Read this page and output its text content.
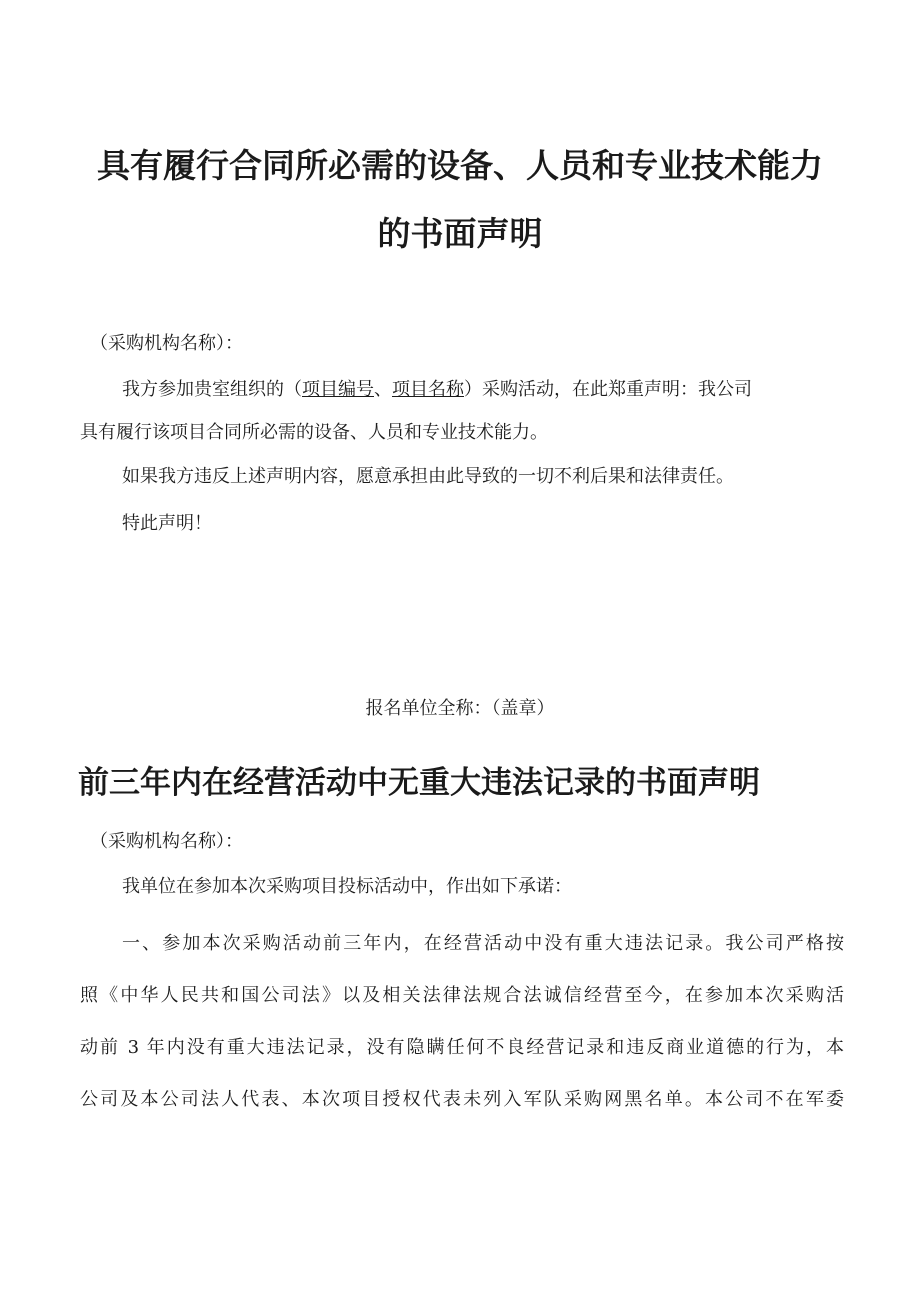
具有履行合同所必需的设备、人员和专业技术能力
的书面声明
（采购机构名称）：
我方参加贵室组织的（项目编号、项目名称）采购活动，在此郑重声明：我公司
具有履行该项目合同所必需的设备、人员和专业技术能力。
如果我方违反上述声明内容，愿意承担由此导致的一切不利后果和法律责任。
特此声明！
报名单位全称：（盖章）
前三年内在经营活动中无重大违法记录的书面声明
（采购机构名称）：
我单位在参加本次采购项目投标活动中，作出如下承诺：
一、参加本次采购活动前三年内，在经营活动中没有重大违法记录。我公司严格按
照《中华人民共和国公司法》以及相关法律法规合法诚信经营至今，在参加本次采购活
动前 3 年内没有重大违法记录，没有隐瞒任何不良经营记录和违反商业道德的行为，本
公司及本公司法人代表、本次项目授权代表未列入军队采购网黑名单。本公司不在军委
